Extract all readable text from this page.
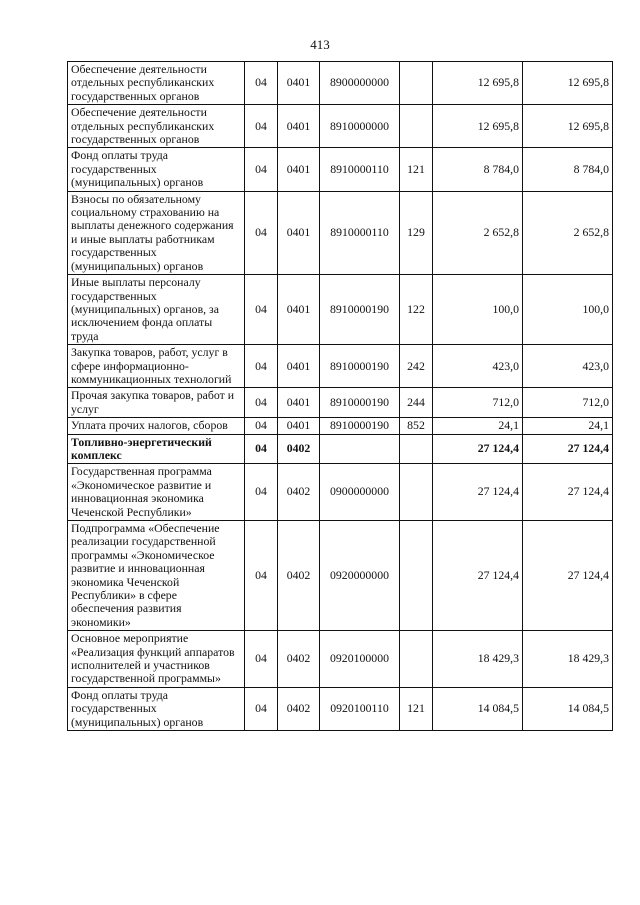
413
Обеспечение деятельности отдельных республиканских государственных органов	04	0401	8900000000		12 695,8	12 695,8
Обеспечение деятельности отдельных республиканских государственных органов	04	0401	8910000000		12 695,8	12 695,8
Фонд оплаты труда государственных (муниципальных) органов	04	0401	8910000110	121	8 784,0	8 784,0
Взносы по обязательному социальному страхованию на выплаты денежного содержания и иные выплаты работникам государственных (муниципальных) органов	04	0401	8910000110	129	2 652,8	2 652,8
Иные выплаты персоналу государственных (муниципальных) органов, за исключением фонда оплаты труда	04	0401	8910000190	122	100,0	100,0
Закупка товаров, работ, услуг в сфере информационно-коммуникационных технологий	04	0401	8910000190	242	423,0	423,0
Прочая закупка товаров, работ и услуг	04	0401	8910000190	244	712,0	712,0
Уплата прочих налогов, сборов	04	0401	8910000190	852	24,1	24,1
Топливно-энергетический комплекс	04	0402			27 124,4	27 124,4
Государственная программа «Экономическое развитие и инновационная экономика Чеченской Республики»	04	0402	0900000000		27 124,4	27 124,4
Подпрограмма «Обеспечение реализации государственной программы «Экономическое развитие и инновационная экономика Чеченской Республики» в сфере обеспечения развития экономики»	04	0402	0920000000		27 124,4	27 124,4
Основное мероприятие «Реализация функций аппаратов исполнителей и участников государственной программы»	04	0402	0920100000		18 429,3	18 429,3
Фонд оплаты труда государственных (муниципальных) органов	04	0402	0920100110	121	14 084,5	14 084,5
